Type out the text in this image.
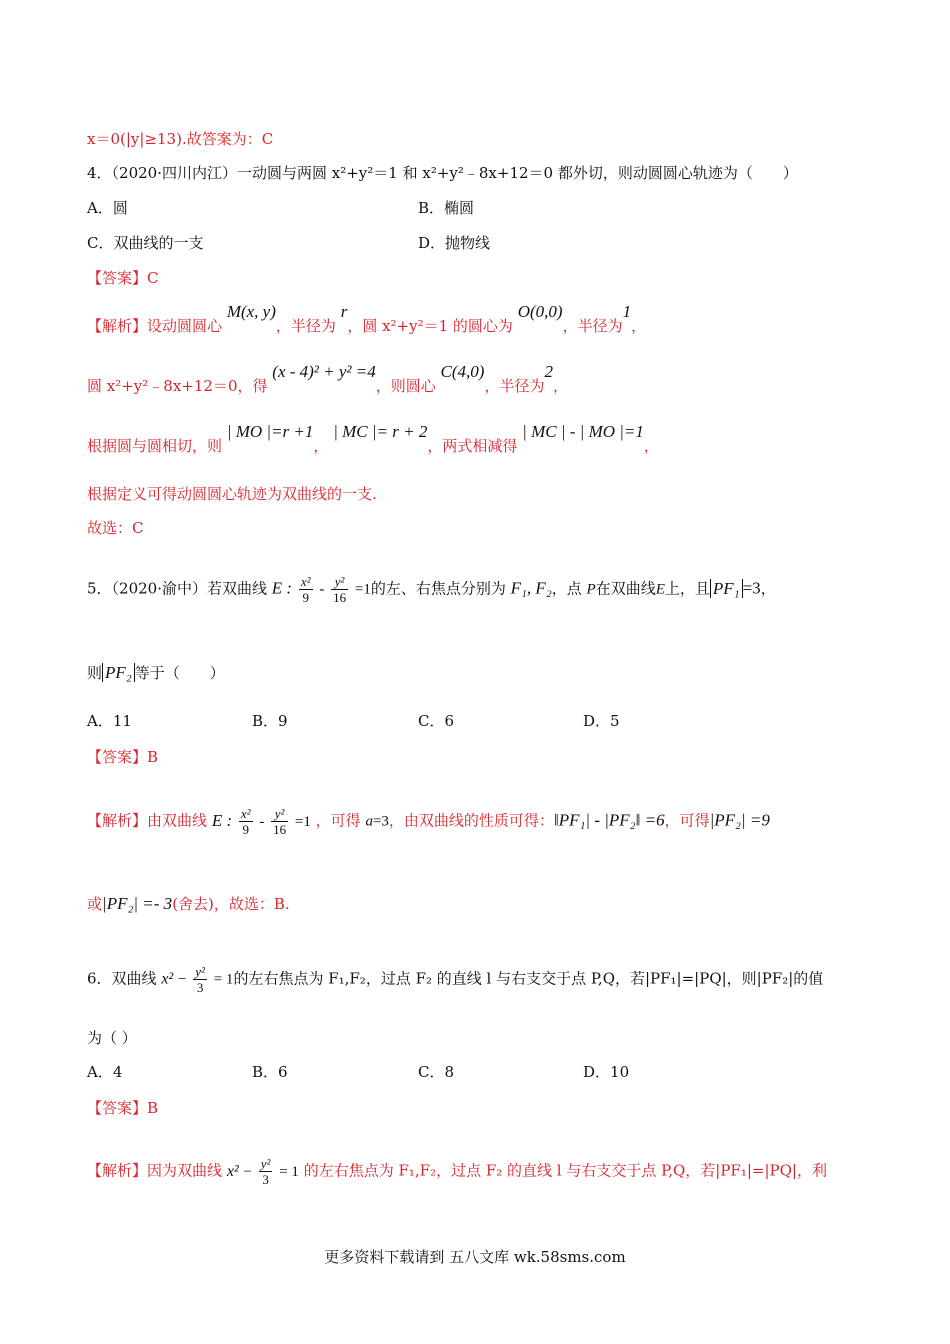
x＝0(|y|≥13).故答案为：C
4．（2020·四川内江）一动圆与两圆 x²+y²＝1 和 x²+y²﹣8x+12＝0 都外切，则动圆圆心轨迹为（　　）
A．圆	B．椭圆
C．双曲线的一支	D．抛物线
【答案】C
【解析】设动圆圆心 M(x, y)，半径为 r，圆 x²+y²＝1 的圆心为 O(0,0)，半径为1，
圆 x²+y²﹣8x+12＝0，得 (x - 4)² + y² =4，则圆心 C(4,0)，半径为2，
根据圆与圆相切，则 | MO |=r +1， | MC |= r + 2，两式相减得 | MC | - | MO |=1，
根据定义可得动圆圆心轨迹为双曲线的一支.
故选：C
5．（2020·渝中）若双曲线 E : $\frac{\text{x²}}{9} - \frac{\text{y²}}{16} =1$的左、右焦点分别为 F₁, F₂，点 P在双曲线E上，且 PF₁ =3，
则 PF₂ 等于（　　）
A．11	B．9	C．6	D．5
【答案】B
【解析】由双曲线 E : $\frac{\text{x²}}{9} - \frac{\text{y²}}{16} =1$ ，可得 a=3，由双曲线的性质可得：‖PF₁| - |PF₂‖ =6，可得|PF₂| =9
或|PF₂| =- 3(舍去)，故选：B.
6．双曲线 $x^2 - \frac{\text{y²}}{3} = 1$的左右焦点为 F₁,F₂，过点 F₂ 的直线 l 与右支交于点 P,Q，若|PF₁|=|PQ|，则|PF₂|的值
为（ ）
A．4	B．6	C．8	D．10
【答案】B
【解析】因为双曲线 $x^2 - \frac{\text{y²}}{3} = 1$ 的左右焦点为 F₁,F₂，过点 F₂ 的直线 l 与右支交于点 P,Q，若|PF₁|=|PQ|，利
更多资料下载请到 五八文库 wk.58sms.com
